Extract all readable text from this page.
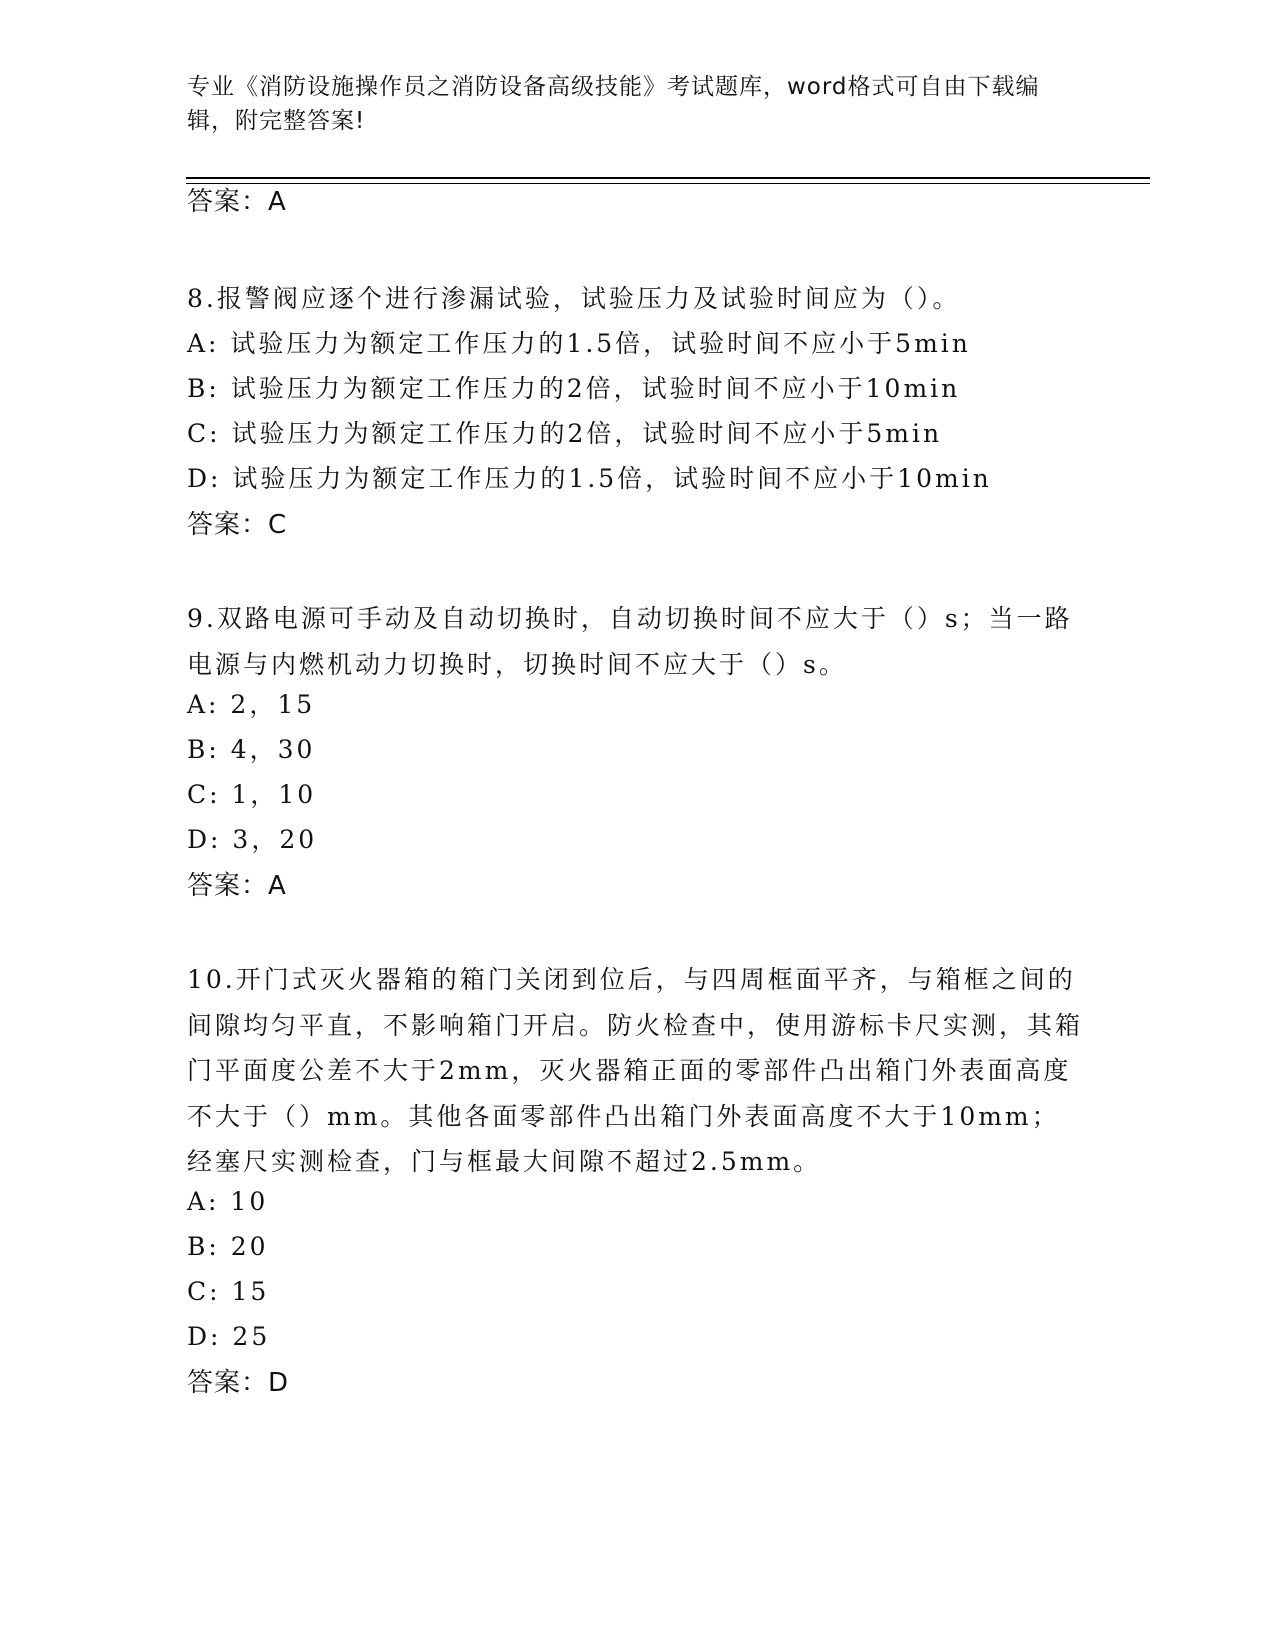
专业《消防设施操作员之消防设备高级技能》考试题库，word格式可自由下载编辑，附完整答案!
答案：A
8.报警阀应逐个进行渗漏试验，试验压力及试验时间应为（）。
A: 试验压力为额定工作压力的1.5倍，试验时间不应小于5min
B: 试验压力为额定工作压力的2倍，试验时间不应小于10min
C: 试验压力为额定工作压力的2倍，试验时间不应小于5min
D: 试验压力为额定工作压力的1.5倍，试验时间不应小于10min
答案：C
9.双路电源可手动及自动切换时，自动切换时间不应大于（）s；当一路电源与内燃机动力切换时，切换时间不应大于（）s。
A: 2，15
B: 4，30
C: 1，10
D: 3，20
答案：A
10.开门式灭火器箱的箱门关闭到位后，与四周框面平齐，与箱框之间的间隙均匀平直，不影响箱门开启。防火检查中，使用游标卡尺实测，其箱门平面度公差不大于2mm，灭火器箱正面的零部件凸出箱门外表面高度不大于（）mm。其他各面零部件凸出箱门外表面高度不大于10mm；经塞尺实测检查，门与框最大间隙不超过2.5mm。
A: 10
B: 20
C: 15
D: 25
答案：D
